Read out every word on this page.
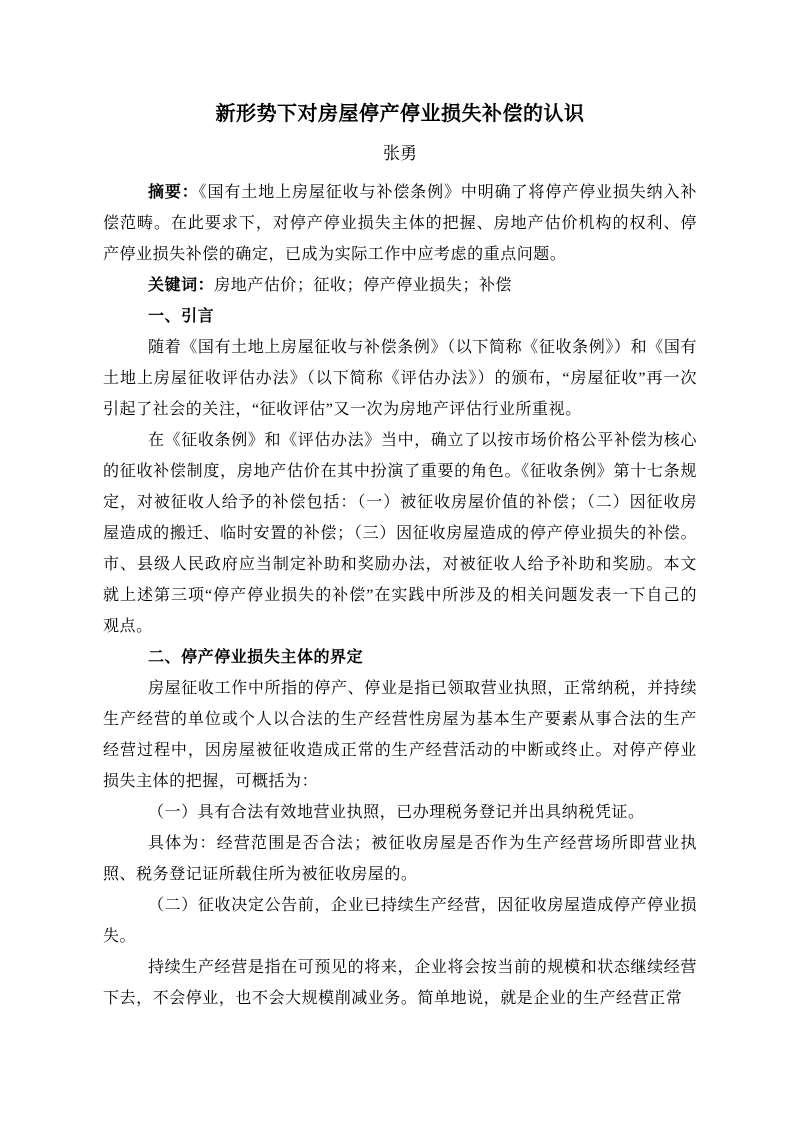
新形势下对房屋停产停业损失补偿的认识
张勇

摘要：《国有土地上房屋征收与补偿条例》中明确了将停产停业损失纳入补偿范畴。在此要求下，对停产停业损失主体的把握、房地产估价机构的权利、停产停业损失补偿的确定，已成为实际工作中应考虑的重点问题。

关键词：房地产估价；征收；停产停业损失；补偿

一、引言

随着《国有土地上房屋征收与补偿条例》（以下简称《征收条例》）和《国有土地上房屋征收评估办法》（以下简称《评估办法》）的颁布，“房屋征收”再一次引起了社会的关注，“征收评估”又一次为房地产评估行业所重视。

在《征收条例》和《评估办法》当中，确立了以按市场价格公平补偿为核心的征收补偿制度，房地产估价在其中扮演了重要的角色。《征收条例》第十七条规定，对被征收人给予的补偿包括：（一）被征收房屋价值的补偿；（二）因征收房屋造成的搬迁、临时安置的补偿；（三）因征收房屋造成的停产停业损失的补偿。市、县级人民政府应当制定补助和奖励办法，对被征收人给予补助和奖励。本文就上述第三项“停产停业损失的补偿”在实践中所涉及的相关问题发表一下自己的观点。

二、停产停业损失主体的界定

房屋征收工作中所指的停产、停业是指已领取营业执照，正常纳税，并持续生产经营的单位或个人以合法的生产经营性房屋为基本生产要素从事合法的生产经营过程中，因房屋被征收造成正常的生产经营活动的中断或终止。对停产停业损失主体的把握，可概括为：

（一）具有合法有效地营业执照，已办理税务登记并出具纳税凭证。

具体为：经营范围是否合法；被征收房屋是否作为生产经营场所即营业执照、税务登记证所载住所为被征收房屋的。

（二）征收决定公告前，企业已持续生产经营，因征收房屋造成停产停业损失。

持续生产经营是指在可预见的将来，企业将会按当前的规模和状态继续经营下去，不会停业，也不会大规模削减业务。简单地说，就是企业的生产经营正常
